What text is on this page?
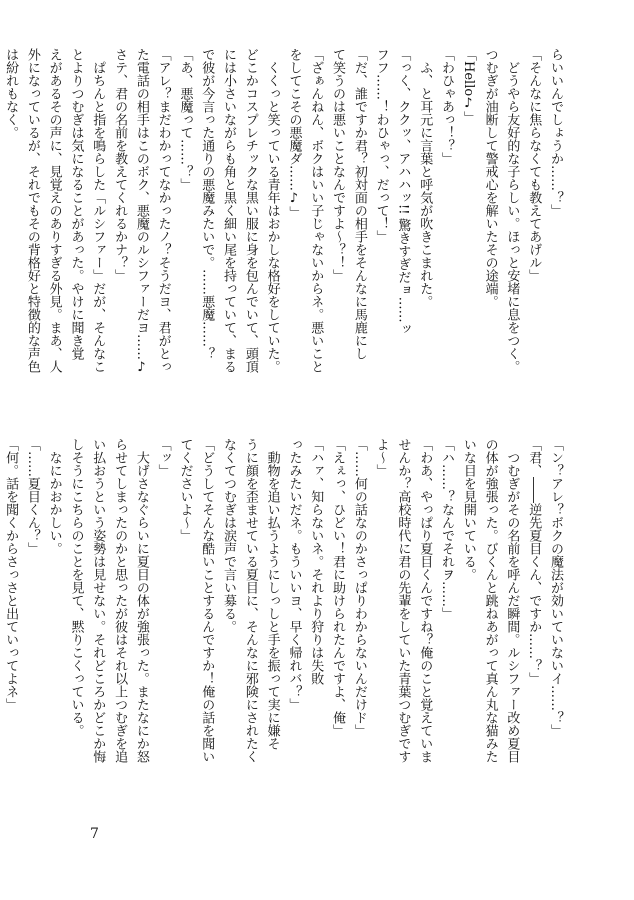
らいいんでしょうか……？」
「そんなに焦らなくても教えてあげル」
　どうやら友好的な子らしい。ほっと安堵に息をつく。
つむぎが油断して警戒心を解いたその途端。
「Hello♪」
「わひゃあっ！？」
　ふ、と耳元に言葉と呼気が吹きこまれた。
「っく、ククッ、アハハッ!! 驚きすぎだョ……ッ
フフ……！わひゃっ、だって！」
「だ、誰ですか君？初対面の相手をそんなに馬鹿にし
て笑うのは悪いことなんですよ〜？！」
「ざぁんねん、ボクはいい子じゃないからネ。悪いこと
をしてこその悪魔ダ……♪」
　くくっと笑っている青年はおかしな格好をしていた。
どこかコスプレチックな黒い服に身を包んでいて、頭頂
には小さいながらも角と黒く細い尾を持っていて、まる
で彼が今言った通りの悪魔みたいで。……悪魔……？
「あ、悪魔って……？」
「アレ？まだわかってなかったノ？そうだヨ、君がとっ
た電話の相手はこのボク、悪魔のルシファーだヨ……♪
さテ、君の名前を教えてくれるかナ？」
　ぱちんと指を鳴らした「ルシファー」だが、そんなこ
とよりつむぎは気になることがあった。やけに聞き覚
えがあるその声に、見覚えのありすぎる外見。まあ、人
外になっているが、それでもその背格好と特徴的な声色
は紛れもなく。
「ン？アレ？ボクの魔法が効いていないイ……？」
「君、――逆先夏目くん、ですか……？」
　つむぎがその名前を呼んだ瞬間。ルシファー改め夏目
の体が強張った。びくんと跳ねあがって真ん丸な猫みた
いな目を見開いている。
「ハ……？なんでそれヲ……」
「わあ、やっぱり夏目くんですね？俺のこと覚えていま
せんか？高校時代に君の先輩をしていた青葉つむぎです
よ〜」
「……何の話なのかさっぱりわからないんだけド」
「えぇっ、ひどい！君に助けられたんですよ、俺」
「ハァ、知らないネ。それより狩りは失敗
ったみたいだネ。もういいヨ、早く帰れバ？」
　動物を追い払うようにしっしと手を振って実に嫌そ
うに顔を歪ませている夏目に、そんなに邪険にされたく
なくてつむぎは涙声で言い募る。
「どうしてそんな酷いことするんですか！俺の話を聞い
てくださいよ〜」
「ッ」
　大げさなぐらいに夏目の体が強張った。またなにか怒
らせてしまったのかと思ったが彼はそれ以上つむぎを追
い払おうという姿勢は見せない。それどころかどこか悔
しそうにこちらのことを見て、黙りこくっている。
　なにかおかしい。
「……夏目くん？」
「何。話を聞くからさっさと出ていってよネ」
7
